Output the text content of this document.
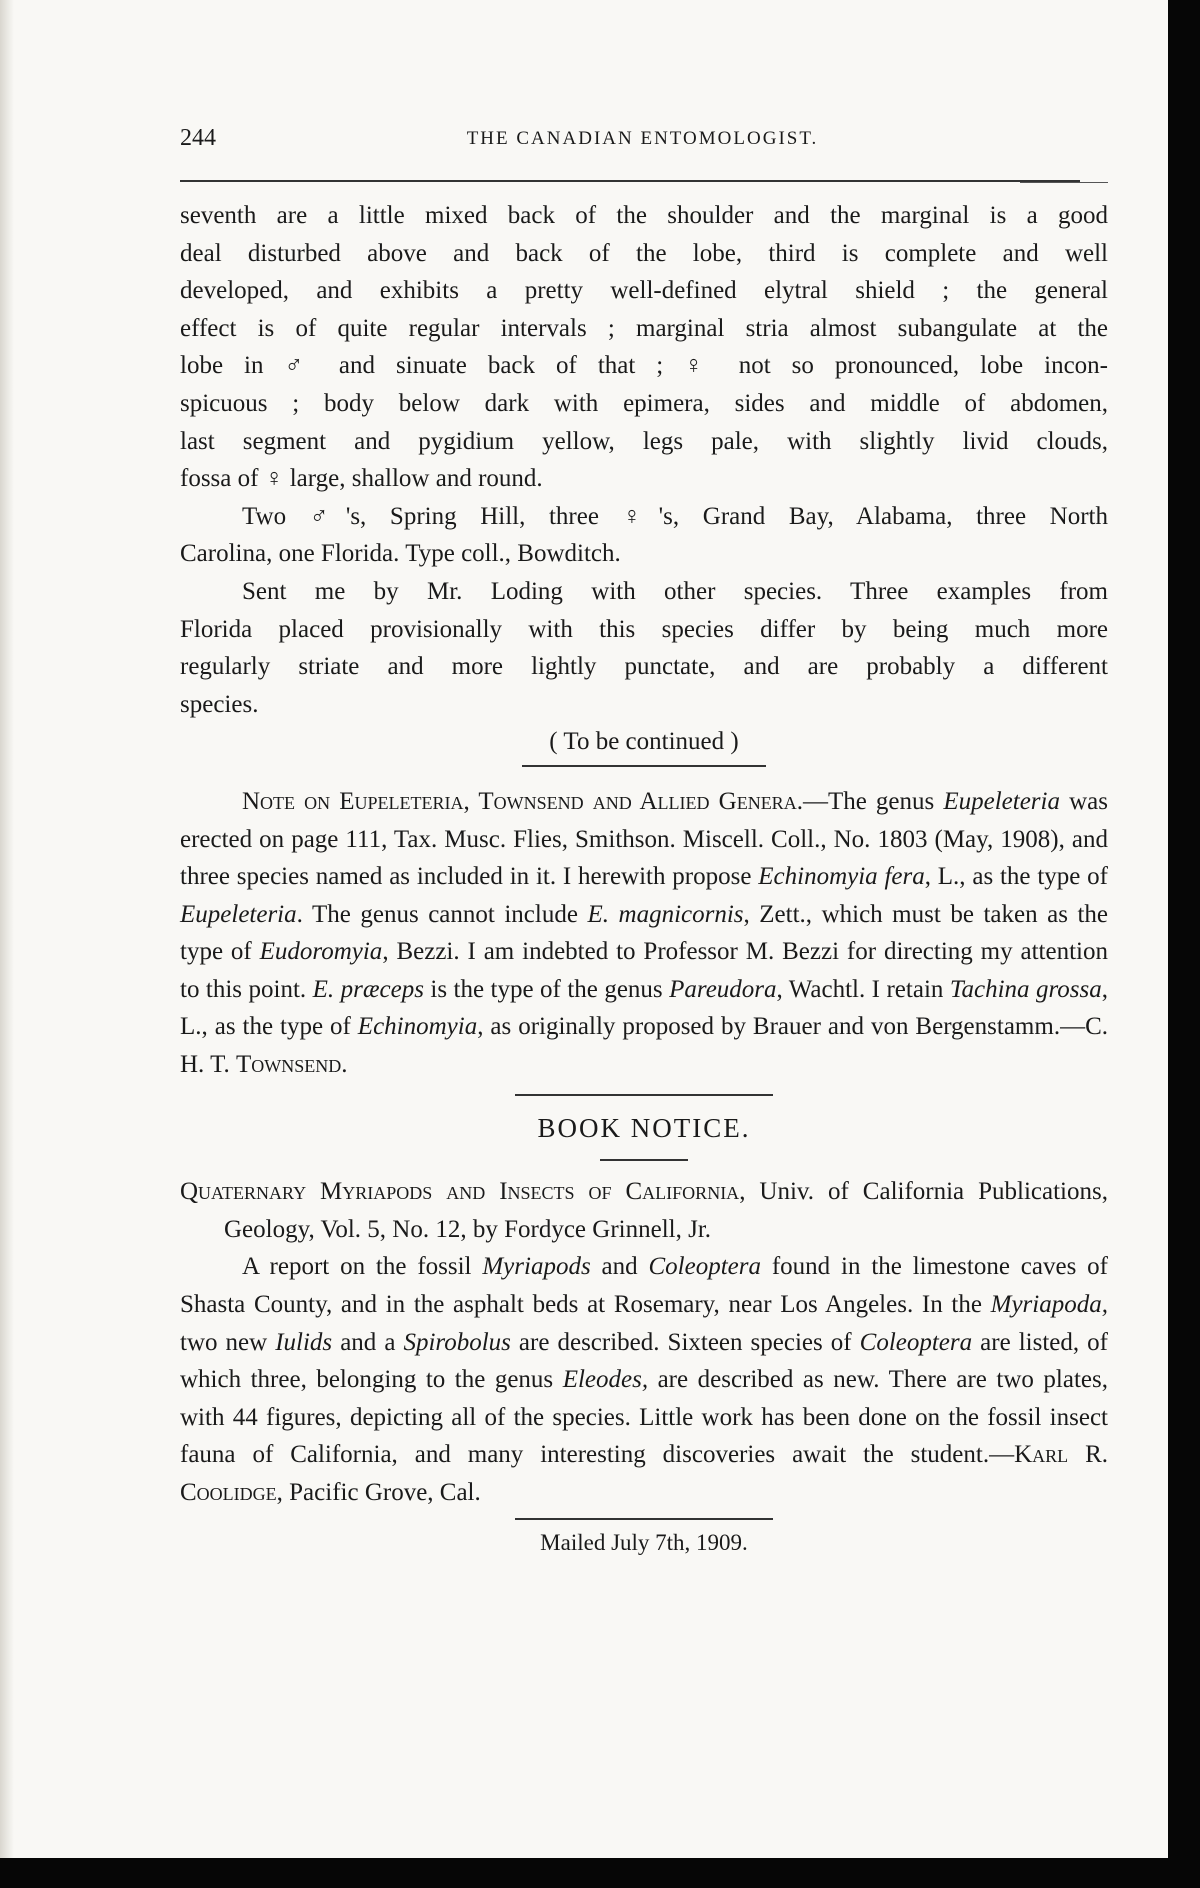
244	THE CANADIAN ENTOMOLOGIST.
seventh are a little mixed back of the shoulder and the marginal is a good
deal disturbed above and back of the lobe, third is complete and well
developed, and exhibits a pretty well-defined elytral shield ; the general
effect is of quite regular intervals ; marginal stria almost subangulate at the
lobe in ♂ and sinuate back of that ; ♀ not so pronounced, lobe incon-
spicuous ; body below dark with epimera, sides and middle of abdomen,
last segment and pygidium yellow, legs pale, with slightly livid clouds,
fossa of ♀ large, shallow and round.
Two ♂'s, Spring Hill, three ♀'s, Grand Bay, Alabama, three North
Carolina, one Florida. Type coll., Bowditch.
Sent me by Mr. Loding with other species. Three examples from
Florida placed provisionally with this species differ by being much more
regularly striate and more lightly punctate, and are probably a different
species.

( To be continued )

Note on Eupeleteria, Townsend and Allied Genera.—The genus Eupeleteria was erected on page 111, Tax. Musc. Flies, Smithson. Miscell. Coll., No. 1803 (May, 1908), and three species named as included in it. I herewith propose Echinomyia fera, L., as the type of Eupeleteria. The genus cannot include E. magnicornis, Zett., which must be taken as the type of Eudoromyia, Bezzi. I am indebted to Professor M. Bezzi for directing my attention to this point. E. præceps is the type of the genus Pareudora, Wachtl. I retain Tachina grossa, L., as the type of Echinomyia, as originally proposed by Brauer and von Bergenstamm.—C. H. T. Townsend.

BOOK NOTICE.

Quaternary Myriapods and Insects of California, Univ. of California Publications, Geology, Vol. 5, No. 12, by Fordyce Grinnell, Jr.

A report on the fossil Myriapods and Coleoptera found in the limestone caves of Shasta County, and in the asphalt beds at Rosemary, near Los Angeles. In the Myriapoda, two new Iulids and a Spirobolus are described. Sixteen species of Coleoptera are listed, of which three, belonging to the genus Eleodes, are described as new. There are two plates, with 44 figures, depicting all of the species. Little work has been done on the fossil insect fauna of California, and many interesting discoveries await the student.—Karl R. Coolidge, Pacific Grove, Cal.

Mailed July 7th, 1909.
